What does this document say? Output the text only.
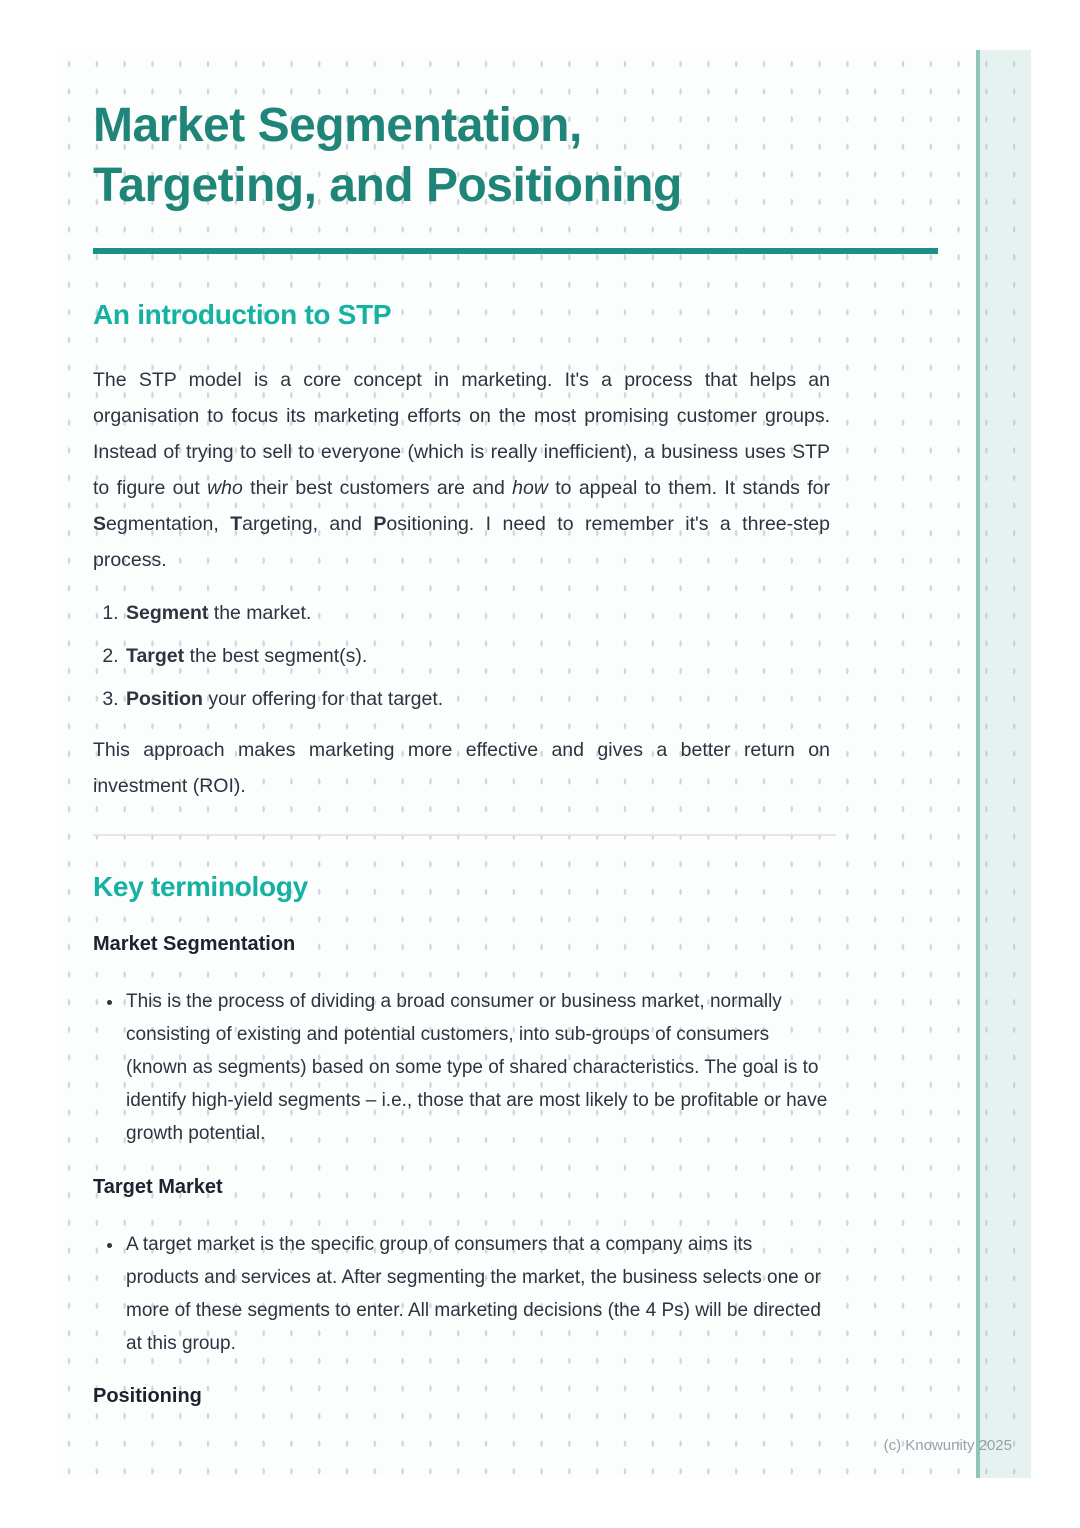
Market Segmentation,
Targeting, and Positioning
An introduction to STP

The STP model is a core concept in marketing. It's a process that helps an organisation to focus its marketing efforts on the most promising customer groups. Instead of trying to sell to everyone (which is really inefficient), a business uses STP to figure out who their best customers are and how to appeal to them. It stands for Segmentation, Targeting, and Positioning. I need to remember it's a three-step process.

1. Segment the market.
2. Target the best segment(s).
3. Position your offering for that target.

This approach makes marketing more effective and gives a better return on investment (ROI).

Key terminology
Market Segmentation
• This is the process of dividing a broad consumer or business market, normally consisting of existing and potential customers, into sub-groups of consumers (known as segments) based on some type of shared characteristics. The goal is to identify high-yield segments – i.e., those that are most likely to be profitable or have growth potential.
Target Market
• A target market is the specific group of consumers that a company aims its products and services at. After segmenting the market, the business selects one or more of these segments to enter. All marketing decisions (the 4 Ps) will be directed at this group.
Positioning
(c) Knowunity 2025
